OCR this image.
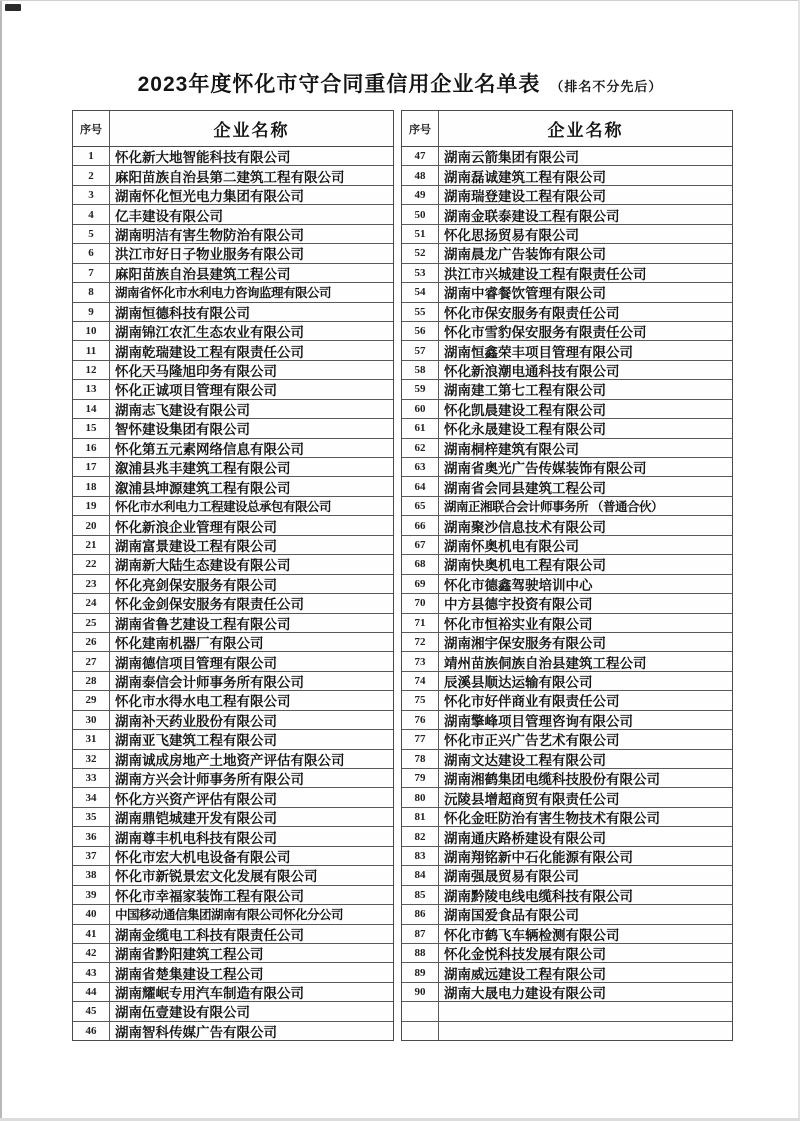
2023年度怀化市守合同重信用企业名单表 （排名不分先后）
序号	企业名称
1	怀化新大地智能科技有限公司
2	麻阳苗族自治县第二建筑工程有限公司
3	湖南怀化恒光电力集团有限公司
4	亿丰建设有限公司
5	湖南明洁有害生物防治有限公司
6	洪江市好日子物业服务有限公司
7	麻阳苗族自治县建筑工程公司
8	湖南省怀化市水利电力咨询监理有限公司
9	湖南恒德科技有限公司
10	湖南锦江农汇生态农业有限公司
11	湖南乾瑞建设工程有限责任公司
12	怀化天马隆旭印务有限公司
13	怀化正诚项目管理有限公司
14	湖南志飞建设有限公司
15	智怀建设集团有限公司
16	怀化第五元素网络信息有限公司
17	溆浦县兆丰建筑工程有限公司
18	溆浦县坤源建筑工程有限公司
19	怀化市水利电力工程建设总承包有限公司
20	怀化新浪企业管理有限公司
21	湖南富景建设工程有限公司
22	湖南新大陆生态建设有限公司
23	怀化亮剑保安服务有限公司
24	怀化金剑保安服务有限责任公司
25	湖南省鲁艺建设工程有限公司
26	怀化建南机器厂有限公司
27	湖南德信项目管理有限公司
28	湖南泰信会计师事务所有限公司
29	怀化市水得水电工程有限公司
30	湖南补天药业股份有限公司
31	湖南亚飞建筑工程有限公司
32	湖南诚成房地产土地资产评估有限公司
33	湖南方兴会计师事务所有限公司
34	怀化方兴资产评估有限公司
35	湖南鼎铠城建开发有限公司
36	湖南尊丰机电科技有限公司
37	怀化市宏大机电设备有限公司
38	怀化市新锐景宏文化发展有限公司
39	怀化市幸福家装饰工程有限公司
40	中国移动通信集团湖南有限公司怀化分公司
41	湖南金缆电工科技有限责任公司
42	湖南省黔阳建筑工程公司
43	湖南省楚集建设工程公司
44	湖南耀岷专用汽车制造有限公司
45	湖南伍壹建设有限公司
46	湖南智科传媒广告有限公司
序号	企业名称
47	湖南云箭集团有限公司
48	湖南磊诚建筑工程有限公司
49	湖南瑞登建设工程有限公司
50	湖南金联泰建设工程有限公司
51	怀化思扬贸易有限公司
52	湖南晨龙广告装饰有限公司
53	洪江市兴城建设工程有限责任公司
54	湖南中睿餐饮管理有限公司
55	怀化市保安服务有限责任公司
56	怀化市雪豹保安服务有限责任公司
57	湖南恒鑫荣丰项目管理有限公司
58	怀化新浪潮电通科技有限公司
59	湖南建工第七工程有限公司
60	怀化凯晨建设工程有限公司
61	怀化永晟建设工程有限公司
62	湖南桐梓建筑有限公司
63	湖南省奥光广告传媒装饰有限公司
64	湖南省会同县建筑工程公司
65	湖南正湘联合会计师事务所 （普通合伙）
66	湖南聚沙信息技术有限公司
67	湖南怀奥机电有限公司
68	湖南快奥机电工程有限公司
69	怀化市德鑫驾驶培训中心
70	中方县德宇投资有限公司
71	怀化市恒裕实业有限公司
72	湖南湘宇保安服务有限公司
73	靖州苗族侗族自治县建筑工程公司
74	辰溪县顺达运输有限公司
75	怀化市好伴商业有限责任公司
76	湖南擎峰项目管理咨询有限公司
77	怀化市正兴广告艺术有限公司
78	湖南文达建设工程有限公司
79	湖南湘鹤集团电缆科技股份有限公司
80	沅陵县增超商贸有限责任公司
81	怀化金旺防治有害生物技术有限公司
82	湖南通庆路桥建设有限公司
83	湖南翔铭新中石化能源有限公司
84	湖南强晟贸易有限公司
85	湖南黔陵电线电缆科技有限公司
86	湖南国爱食品有限公司
87	怀化市鹤飞车辆检测有限公司
88	怀化金悦科技发展有限公司
89	湖南威远建设工程有限公司
90	湖南大晟电力建设有限公司
